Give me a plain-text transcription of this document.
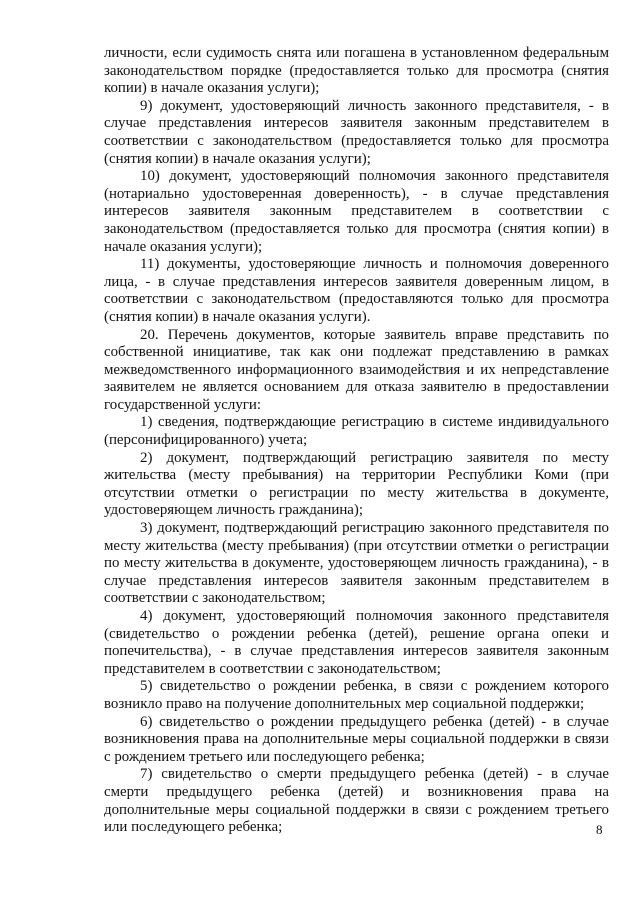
личности, если судимость снята или погашена в установленном федеральным законодательством порядке (предоставляется только для просмотра (снятия копии) в начале оказания услуги);

9) документ, удостоверяющий личность законного представителя, - в случае представления интересов заявителя законным представителем в соответствии с законодательством (предоставляется только для просмотра (снятия копии) в начале оказания услуги);

10) документ, удостоверяющий полномочия законного представителя (нотариально удостоверенная доверенность), - в случае представления интересов заявителя законным представителем в соответствии с законодательством (предоставляется только для просмотра (снятия копии) в начале оказания услуги);

11) документы, удостоверяющие личность и полномочия доверенного лица, - в случае представления интересов заявителя доверенным лицом, в соответствии с законодательством (предоставляются только для просмотра (снятия копии) в начале оказания услуги).

20. Перечень документов, которые заявитель вправе представить по собственной инициативе, так как они подлежат представлению в рамках межведомственного информационного взаимодействия и их непредставление заявителем не является основанием для отказа заявителю в предоставлении государственной услуги:

1) сведения, подтверждающие регистрацию в системе индивидуального (персонифицированного) учета;

2) документ, подтверждающий регистрацию заявителя по месту жительства (месту пребывания) на территории Республики Коми (при отсутствии отметки о регистрации по месту жительства в документе, удостоверяющем личность гражданина);

3) документ, подтверждающий регистрацию законного представителя по месту жительства (месту пребывания) (при отсутствии отметки о регистрации по месту жительства в документе, удостоверяющем личность гражданина), - в случае представления интересов заявителя законным представителем в соответствии с законодательством;

4) документ, удостоверяющий полномочия законного представителя (свидетельство о рождении ребенка (детей), решение органа опеки и попечительства), - в случае представления интересов заявителя законным представителем в соответствии с законодательством;

5) свидетельство о рождении ребенка, в связи с рождением которого возникло право на получение дополнительных мер социальной поддержки;

6) свидетельство о рождении предыдущего ребенка (детей) - в случае возникновения права на дополнительные меры социальной поддержки в связи с рождением третьего или последующего ребенка;

7) свидетельство о смерти предыдущего ребенка (детей) - в случае смерти предыдущего ребенка (детей) и возникновения права на дополнительные меры социальной поддержки в связи с рождением третьего или последующего ребенка;	8
